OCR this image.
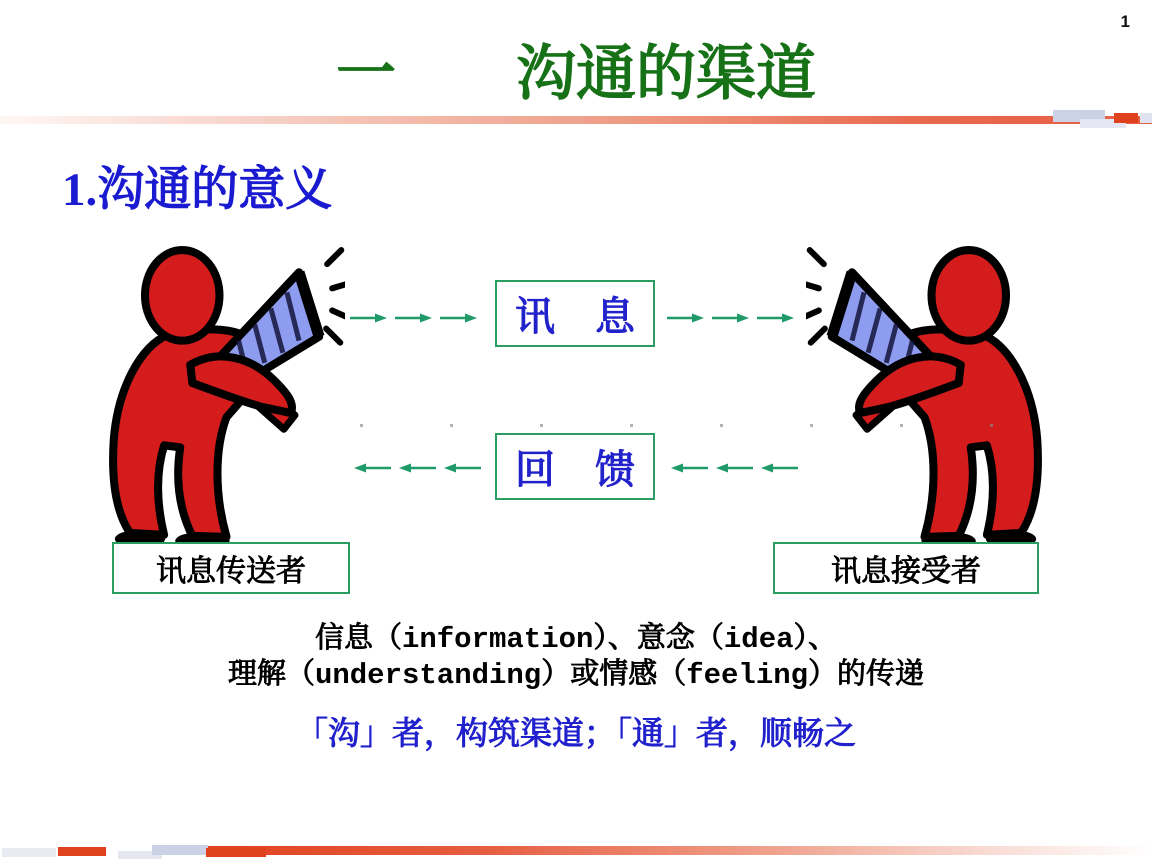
1
一　　沟通的渠道
1.沟通的意义
讯　息
回　馈
讯息传送者	讯息接受者
信息（information）、意念（idea）、
理解（understanding）或情感（feeling）的传递
「沟」者，构筑渠道；「通」者，顺畅之
